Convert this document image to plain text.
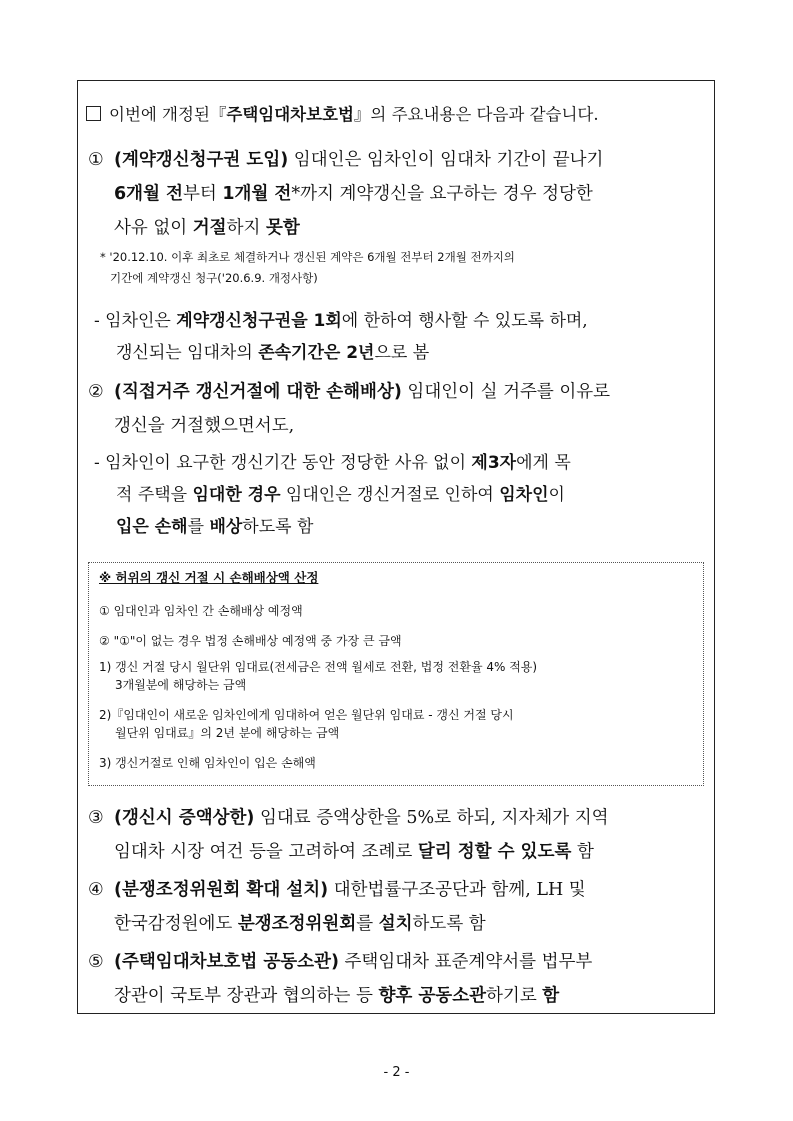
이번에 개정된『주택임대차보호법』의 주요내용은 다음과 같습니다.
① (계약갱신청구권 도입) 임대인은 임차인이 임대차 기간이 끝나기
6개월 전부터 1개월 전*까지 계약갱신을 요구하는 경우 정당한
사유 없이 거절하지 못함
* '20.12.10. 이후 최초로 체결하거나 갱신된 계약은 6개월 전부터 2개월 전까지의
기간에 계약갱신 청구('20.6.9. 개정사항)
- 임차인은 계약갱신청구권을 1회에 한하여 행사할 수 있도록 하며,
갱신되는 임대차의 존속기간은 2년으로 봄
② (직접거주 갱신거절에 대한 손해배상) 임대인이 실 거주를 이유로
갱신을 거절했으면서도,
- 임차인이 요구한 갱신기간 동안 정당한 사유 없이 제3자에게 목
적 주택을 임대한 경우 임대인은 갱신거절로 인하여 임차인이
입은 손해를 배상하도록 함
※ 허위의 갱신 거절 시 손해배상액 산정
① 임대인과 임차인 간 손해배상 예정액
② "①"이 없는 경우 법정 손해배상 예정액 중 가장 큰 금액
1) 갱신 거절 당시 월단위 임대료(전세금은 전액 월세로 전환, 법정 전환율 4% 적용)
3개월분에 해당하는 금액
2)『임대인이 새로운 임차인에게 임대하여 얻은 월단위 임대료 - 갱신 거절 당시
월단위 임대료』의 2년 분에 해당하는 금액
3) 갱신거절로 인해 임차인이 입은 손해액
③ (갱신시 증액상한) 임대료 증액상한을 5%로 하되, 지자체가 지역
임대차 시장 여건 등을 고려하여 조례로 달리 정할 수 있도록 함
④ (분쟁조정위원회 확대 설치) 대한법률구조공단과 함께, LH 및
한국감정원에도 분쟁조정위원회를 설치하도록 함
⑤ (주택임대차보호법 공동소관) 주택임대차 표준계약서를 법무부
장관이 국토부 장관과 협의하는 등 향후 공동소관하기로 함
- 2 -
